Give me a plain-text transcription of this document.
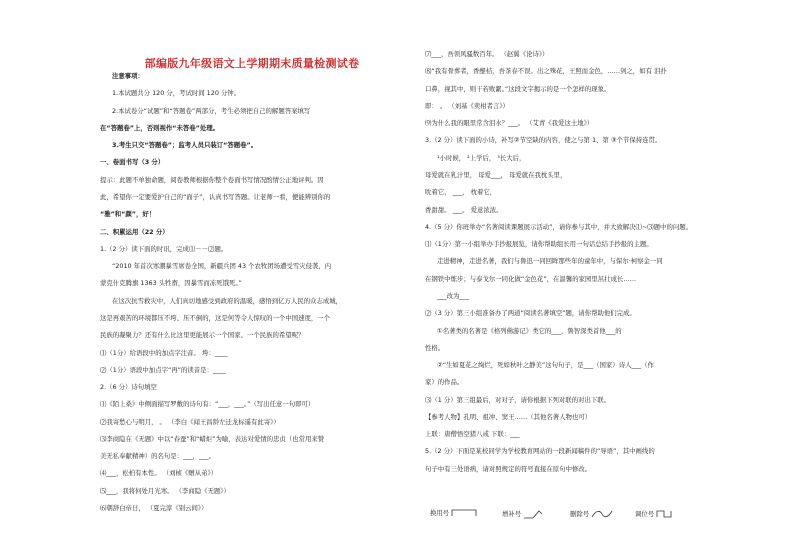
部编版九年级语文上学期期末质量检测试卷
注意事项：
1.本试题共分 120 分，考试时间 120 分钟。
2.本试卷分“试题”和“答题卷”两部分，考生必须把自己的解题答案填写
在“答题卷”上，否则视作“未答卷”处理。
3.考生只交“答题卷”；监考人员只装订“答题卷”。
一、卷面书写（3 分）
提示：此题不单独命题，阅卷教师根据你整个卷面书写情况酌情公正地评判。因
此，希望你一定要爱护自己的“面子”，认真书写答题。让老师一看，便能辨别你的
“雅”和“颜”，好！
二、积累运用（22 分）
1.（2 分）读下面的时讯，完成⑴－－⑵题。
“2010 年首次寒潮暴雪席卷全国，新疆兵团 43 个农牧团场遭受雪灾侵袭，内
蒙克什克腾旗 1363 头牲畜，因暴雪而冻死饿死。”
在这次抗雪救灾中，人们真切地感受到政府的温暖，感悟到亿万人民的众志成城，
这是再艰苦的环境都压不垮、压不倒的，这是何等令人惊叹的一个中国速度，一个
民族的凝聚力？还有什么比这里更能展示一个国家、一个民族的希望呢？
⑴（1分）给语段中的加点字注音。 垮：____
⑵（1分）语段中加点字“再”的读音是：____
2.（6 分）诗句填空
⑴《陌上桑》中侧面描写罗敷的诗句有：“___，___。”（写出任意一句即可）
⑵我寄愁心与明月， 。 （李白《闻王昌龄左迁龙标遥有此寄》）
⑶李商隐在《无题》中以“春蚕”和“蜡炬”为喻，表达对爱情的忠贞（也常用来赞
美无私奉献精神）的名句是：___，___。
⑷___，松柏有本性。 （刘桢《赠从弟》）
⑸___，我将何处月光寒。 （李商隐《无题》）
⑹朝辞白帝日， （夏完淳《别云间》）
⑺___，吾领风骚数百年。 （赵翼《论诗》）
⑻“我有骨葬者，香醍桔，吾茶春不误。出之殊花，王照而金色，……剑之，如有 泪扑
口鼻，视其中，则干若败絮。”这段文字揭示的是一个怎样的现象。
即： 。 （刘基《卖柑者言》）
⑼为什么我的眼里常含泪水？___。 （艾青《我爱这土地》）
3.（2 分）读下面的小诗，补写②节空缺的内容，使之与第 1、第 ③个节保持连贯。
¹小时候， ²上学后， ³长大后，
母爱就在乳汁里， 母爱___， 母爱就在我枕头里，
吮着它， ___， 枕着它，
香甜甜。 ___。 爱意浓浓。
4.（5 分）你班举办“名著阅读课题展示活动”，请你参与其中，并大致解决⑴~⑶题中的问题。
⑴（1分）第一小组举办手抄报展览，请你帮助组长用一句话总结手抄报的主题。
走进精神，走进名著，我们与鲁迅一同回眸那些年的童年中，与保尔·柯察金一同
在钢铁中炼步；与泰戈尔一同化做“金色花”，在温馨的家园里茁壮成长……
___改为___
⑵（3 分）第三小组准备办了两道“阅读名著填空”题，请你帮助他们完成。
①名著类的名著是《格列佛游记》类它的___，鲁智深类首他___的
性格。
②“生如夏花之绚烂，死如秋叶之静美”这句句子，是___（国家）诗人___（作
家）的作品。
⑶（1 分）第三组最后，对对子，请你根据下列对联的对出下联。
【参考人物】孔明、祖冲、窦王……（其他名著人物也可）
上联：唐僧悟空猪八戒 下联：___
5.（2 分）下面是某校同学为学校教育网站的一段新闻稿件的“导语”，其中画线的
句子中有三处语病，请对照规定的符号直接在原句中修改。
换用号	增补号	删除号	调位号
